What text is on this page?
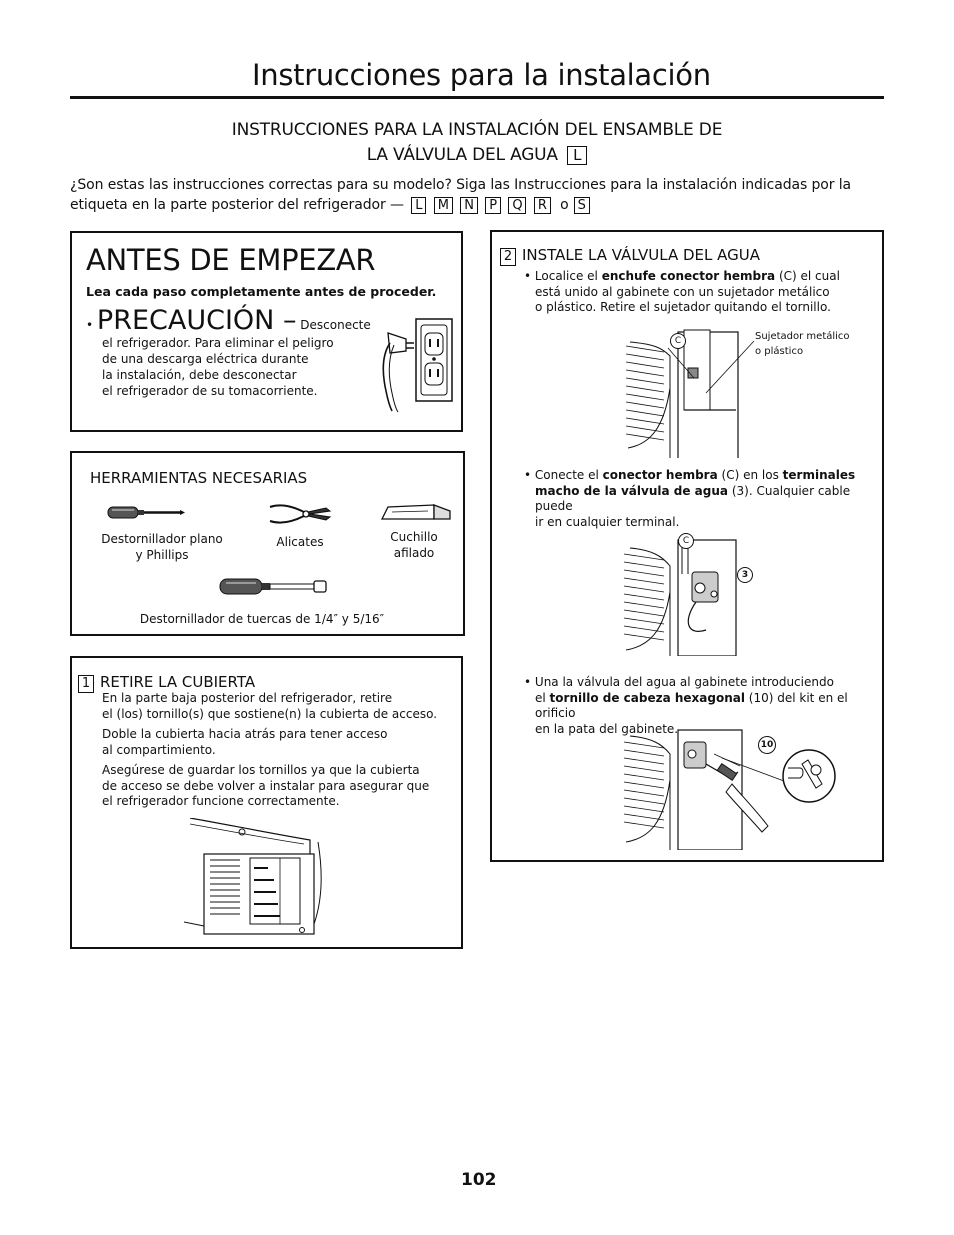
Instrucciones para la instalación
INSTRUCCIONES PARA LA INSTALACIÓN DEL ENSAMBLE DE
LA VÁLVULA DEL AGUA L
¿Son estas las instrucciones correctas para su modelo? Siga las Instrucciones para la instalación indicadas por la etiqueta en la parte posterior del refrigerador — L M N P Q R o S
ANTES DE EMPEZAR
Lea cada paso completamente antes de proceder.
• PRECAUCIÓN – Desconecte
el refrigerador. Para eliminar el peligro
de una descarga eléctrica durante
la instalación, debe desconectar
el refrigerador de su tomacorriente.
HERRAMIENTAS NECESARIAS
Destornillador plano
y Phillips
Alicates	Cuchillo
afilado
Destornillador de tuercas de 1/4″ y 5/16″
1 RETIRE LA CUBIERTA
En la parte baja posterior del refrigerador, retire
el (los) tornillo(s) que sostiene(n) la cubierta de acceso.
Doble la cubierta hacia atrás para tener acceso
al compartimiento.
Asegúrese de guardar los tornillos ya que la cubierta
de acceso se debe volver a instalar para asegurar que
el refrigerador funcione correctamente.
2 INSTALE LA VÁLVULA DEL AGUA
• Localice el enchufe conector hembra (C) el cual
está unido al gabinete con un sujetador metálico
o plástico. Retire el sujetador quitando el tornillo.
C	Sujetador metálico
o plástico
• Conecte el conector hembra (C) en los terminales
macho de la válvula de agua (3). Cualquier cable puede
ir en cualquier terminal.
C
3
• Una la válvula del agua al gabinete introduciendo
el tornillo de cabeza hexagonal (10) del kit en el orificio
en la pata del gabinete.
10
102
